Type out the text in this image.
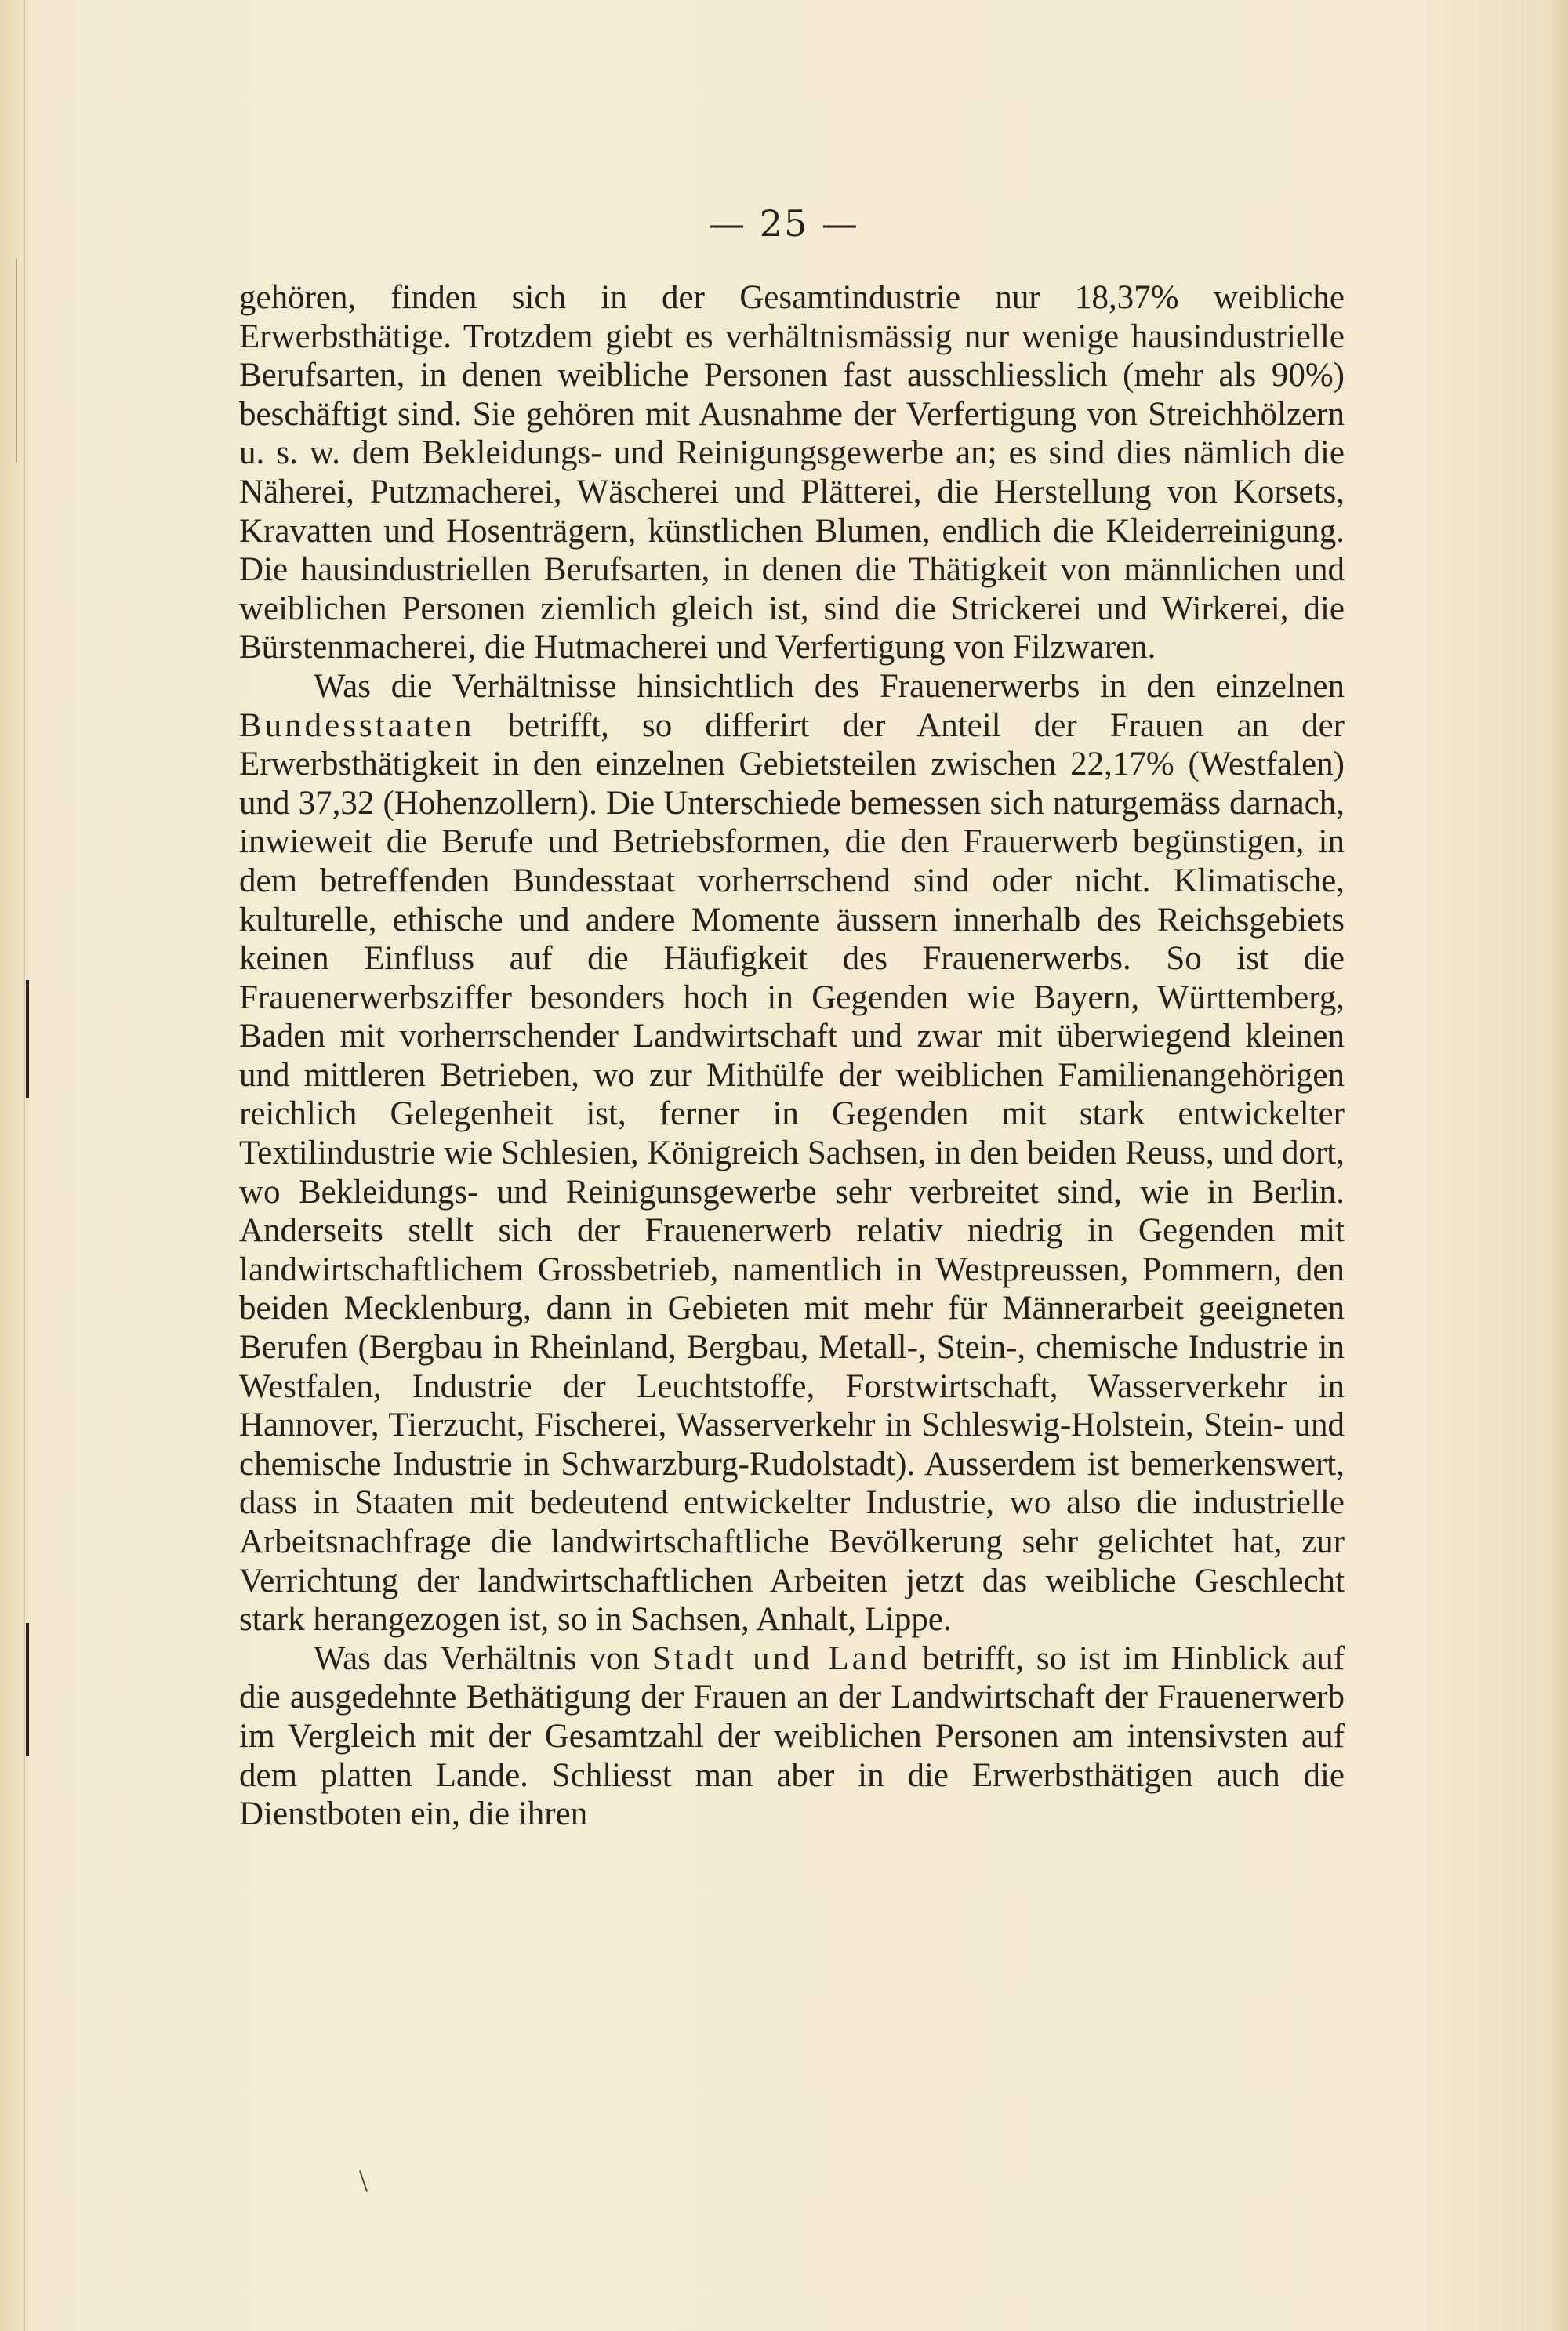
— 25 —

gehören, finden sich in der Gesamtindustrie nur 18,37% weibliche Erwerbsthätige. Trotzdem giebt es verhältnismässig nur wenige hausindustrielle Berufsarten, in denen weibliche Personen fast ausschliesslich (mehr als 90%) beschäftigt sind. Sie gehören mit Ausnahme der Verfertigung von Streichhölzern u. s. w. dem Bekleidungs- und Reinigungsgewerbe an; es sind dies nämlich die Näherei, Putzmacherei, Wäscherei und Plätterei, die Herstellung von Korsets, Kravatten und Hosenträgern, künstlichen Blumen, endlich die Kleiderreinigung. Die hausindustriellen Berufsarten, in denen die Thätigkeit von männlichen und weiblichen Personen ziemlich gleich ist, sind die Strickerei und Wirkerei, die Bürstenmacherei, die Hutmacherei und Verfertigung von Filzwaren.

Was die Verhältnisse hinsichtlich des Frauenerwerbs in den einzelnen Bundesstaaten betrifft, so differirt der Anteil der Frauen an der Erwerbsthätigkeit in den einzelnen Gebietsteilen zwischen 22,17% (Westfalen) und 37,32 (Hohenzollern). Die Unterschiede bemessen sich naturgemäss darnach, inwieweit die Berufe und Betriebsformen, die den Frauerwerb begünstigen, in dem betreffenden Bundesstaat vorherrschend sind oder nicht. Klimatische, kulturelle, ethische und andere Momente äussern innerhalb des Reichsgebiets keinen Einfluss auf die Häufigkeit des Frauenerwerbs. So ist die Frauenerwerbsziffer besonders hoch in Gegenden wie Bayern, Württemberg, Baden mit vorherrschender Landwirtschaft und zwar mit überwiegend kleinen und mittleren Betrieben, wo zur Mithülfe der weiblichen Familienangehörigen reichlich Gelegenheit ist, ferner in Gegenden mit stark entwickelter Textilindustrie wie Schlesien, Königreich Sachsen, in den beiden Reuss, und dort, wo Bekleidungs- und Reinigunsgewerbe sehr verbreitet sind, wie in Berlin. Anderseits stellt sich der Frauenerwerb relativ niedrig in Gegenden mit landwirtschaftlichem Grossbetrieb, namentlich in Westpreussen, Pommern, den beiden Mecklenburg, dann in Gebieten mit mehr für Männerarbeit geeigneten Berufen (Bergbau in Rheinland, Bergbau, Metall-, Stein-, chemische Industrie in Westfalen, Industrie der Leuchtstoffe, Forstwirtschaft, Wasserverkehr in Hannover, Tierzucht, Fischerei, Wasserverkehr in Schleswig-Holstein, Stein- und chemische Industrie in Schwarzburg-Rudolstadt). Ausserdem ist bemerkenswert, dass in Staaten mit bedeutend entwickelter Industrie, wo also die industrielle Arbeitsnachfrage die landwirtschaftliche Bevölkerung sehr gelichtet hat, zur Verrichtung der landwirtschaftlichen Arbeiten jetzt das weibliche Geschlecht stark herangezogen ist, so in Sachsen, Anhalt, Lippe.

Was das Verhältnis von Stadt und Land betrifft, so ist im Hinblick auf die ausgedehnte Bethätigung der Frauen an der Landwirtschaft der Frauenerwerb im Vergleich mit der Gesamtzahl der weiblichen Personen am intensivsten auf dem platten Lande. Schliesst man aber in die Erwerbsthätigen auch die Dienstboten ein, die ihren

\
